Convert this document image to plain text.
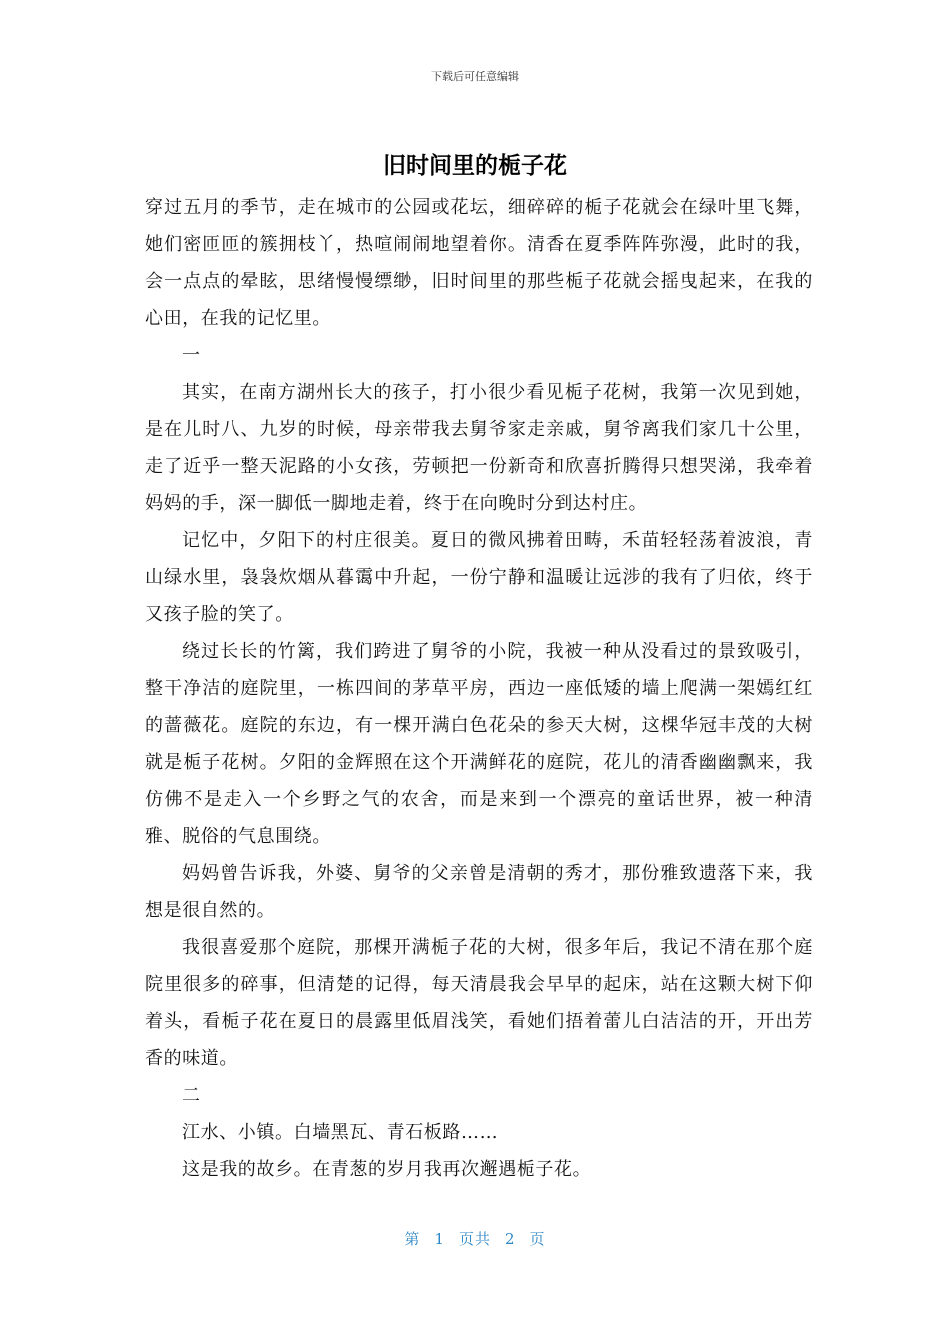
下载后可任意编辑
旧时间里的栀子花

穿过五月的季节，走在城市的公园或花坛，细碎碎的栀子花就会在绿叶里飞舞，她们密匝匝的簇拥枝丫，热喧闹闹地望着你。清香在夏季阵阵弥漫，此时的我，会一点点的晕眩，思绪慢慢缥缈，旧时间里的那些栀子花就会摇曳起来，在我的心田，在我的记忆里。

一

其实，在南方湖州长大的孩子，打小很少看见栀子花树，我第一次见到她，是在儿时八、九岁的时候，母亲带我去舅爷家走亲戚，舅爷离我们家几十公里，走了近乎一整天泥路的小女孩，劳顿把一份新奇和欣喜折腾得只想哭涕，我牵着妈妈的手，深一脚低一脚地走着，终于在向晚时分到达村庄。

记忆中，夕阳下的村庄很美。夏日的微风拂着田畴，禾苗轻轻荡着波浪，青山绿水里，袅袅炊烟从暮霭中升起，一份宁静和温暖让远涉的我有了归依，终于又孩子脸的笑了。

绕过长长的竹篱，我们跨进了舅爷的小院，我被一种从没看过的景致吸引，整干净洁的庭院里，一栋四间的茅草平房，西边一座低矮的墙上爬满一架嫣红红的蔷薇花。庭院的东边，有一棵开满白色花朵的参天大树，这棵华冠丰茂的大树就是栀子花树。夕阳的金辉照在这个开满鲜花的庭院，花儿的清香幽幽飘来，我仿佛不是走入一个乡野之气的农舍，而是来到一个漂亮的童话世界，被一种清雅、脱俗的气息围绕。

妈妈曾告诉我，外婆、舅爷的父亲曾是清朝的秀才，那份雅致遗落下来，我想是很自然的。

我很喜爱那个庭院，那棵开满栀子花的大树，很多年后，我记不清在那个庭院里很多的碎事，但清楚的记得，每天清晨我会早早的起床，站在这颗大树下仰着头，看栀子花在夏日的晨露里低眉浅笑，看她们捂着蕾儿白洁洁的开，开出芳香的味道。

二

江水、小镇。白墙黑瓦、青石板路……

这是我的故乡。在青葱的岁月我再次邂遇栀子花。

第 1 页共 2 页
